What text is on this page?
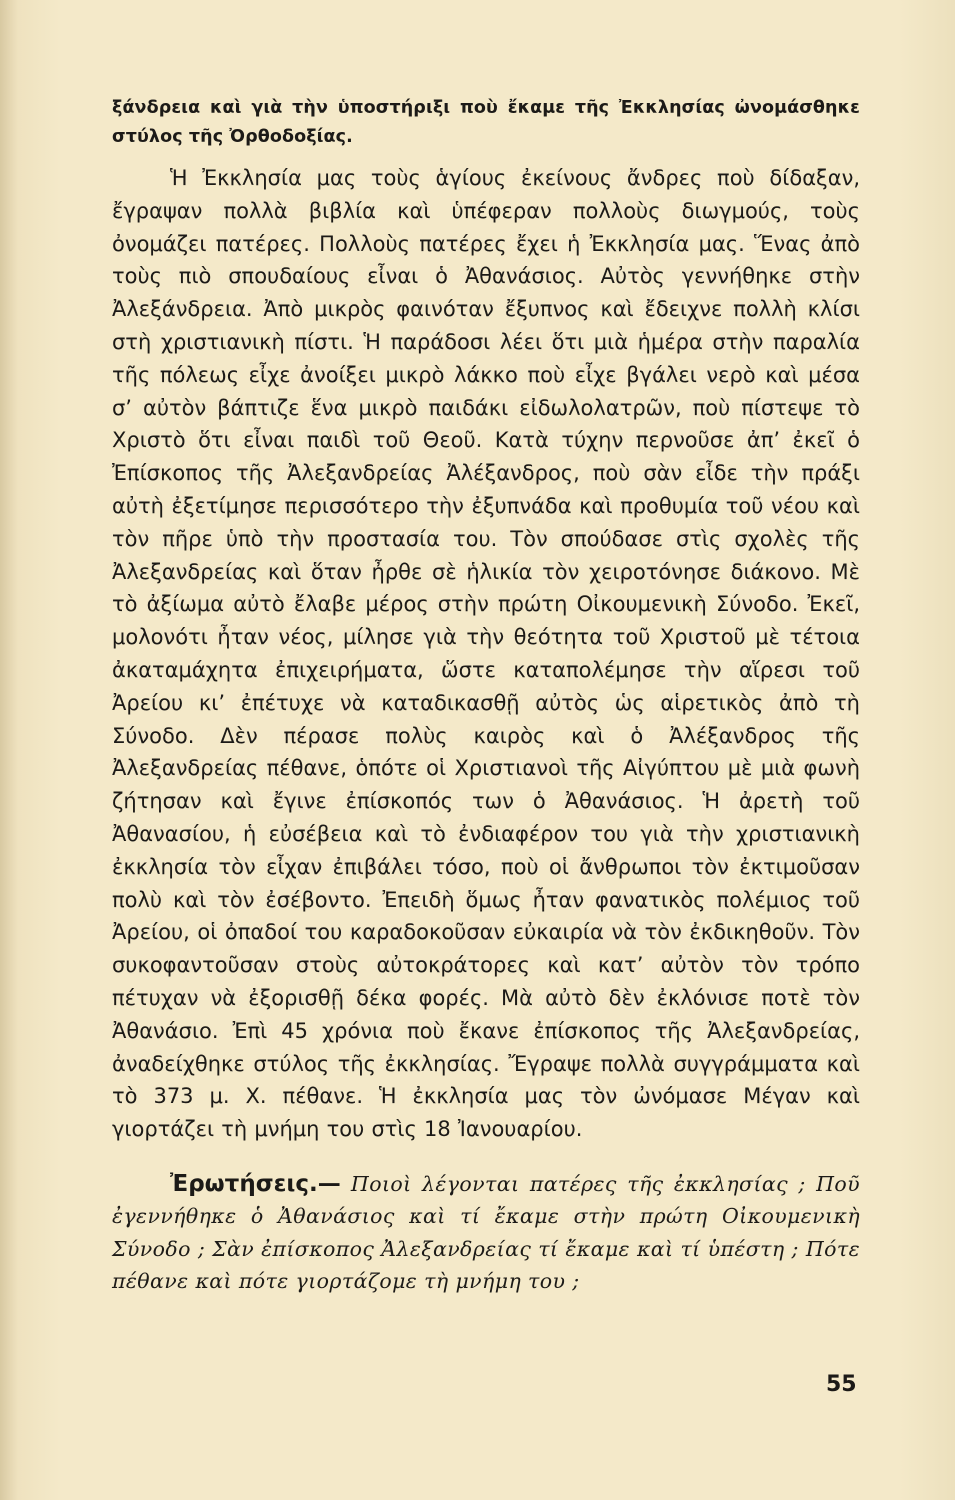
ξάνδρεια καὶ γιὰ τὴν ὑποστήριξι ποὺ ἔκαμε τῆς Ἐκκλησίας ὠνομάσθηκε στύλος τῆς Ὀρθοδοξίας.

Ἡ Ἐκκλησία μας τοὺς ἁγίους ἐκείνους ἄνδρες ποὺ δίδαξαν, ἔγραψαν πολλὰ βιβλία καὶ ὑπέφεραν πολλοὺς διωγμούς, τοὺς ὀνομάζει πατέρες. Πολλοὺς πατέρες ἔχει ἡ Ἐκκλησία μας. Ἕνας ἀπὸ τοὺς πιὸ σπουδαίους εἶναι ὁ Ἀθανάσιος. Αὐτὸς γεννήθηκε στὴν Ἀλεξάνδρεια. Ἀπὸ μικρὸς φαινόταν ἔξυπνος καὶ ἔδειχνε πολλὴ κλίσι στὴ χριστιανικὴ πίστι. Ἡ παράδοσι λέει ὅτι μιὰ ἡμέρα στὴν παραλία τῆς πόλεως εἶχε ἀνοίξει μικρὸ λάκκο ποὺ εἶχε βγάλει νερὸ καὶ μέσα σ’ αὐτὸν βάπτιζε ἕνα μικρὸ παιδάκι εἰδωλολατρῶν, ποὺ πίστεψε τὸ Χριστὸ ὅτι εἶναι παιδὶ τοῦ Θεοῦ. Κατὰ τύχην περνοῦσε ἀπ’ ἐκεῖ ὁ Ἐπίσκοπος τῆς Ἀλεξανδρείας Ἀλέξανδρος, ποὺ σὰν εἶδε τὴν πράξι αὐτὴ ἐξετίμησε περισσότερο τὴν ἐξυπνάδα καὶ προθυμία τοῦ νέου καὶ τὸν πῆρε ὑπὸ τὴν προστασία του. Τὸν σπούδασε στὶς σχολὲς τῆς Ἀλεξανδρείας καὶ ὅταν ἦρθε σὲ ἡλικία τὸν χειροτόνησε διάκονο. Μὲ τὸ ἀξίωμα αὐτὸ ἔλαβε μέρος στὴν πρώτη Οἰκουμενικὴ Σύνοδο. Ἐκεῖ, μολονότι ἦταν νέος, μίλησε γιὰ τὴν θεότητα τοῦ Χριστοῦ μὲ τέτοια ἀκαταμάχητα ἐπιχειρήματα, ὥστε καταπολέμησε τὴν αἵρεσι τοῦ Ἀρείου κι’ ἐπέτυχε νὰ καταδικασθῇ αὐτὸς ὡς αἱρετικὸς ἀπὸ τὴ Σύνοδο. Δὲν πέρασε πολὺς καιρὸς καὶ ὁ Ἀλέξανδρος τῆς Ἀλεξανδρείας πέθανε, ὁπότε οἱ Χριστιανοὶ τῆς Αἰγύπτου μὲ μιὰ φωνὴ ζήτησαν καὶ ἔγινε ἐπίσκοπός των ὁ Ἀθανάσιος. Ἡ ἀρετὴ τοῦ Ἀθανασίου, ἡ εὐσέβεια καὶ τὸ ἐνδιαφέρον του γιὰ τὴν χριστιανικὴ ἐκκλησία τὸν εἶχαν ἐπιβάλει τόσο, ποὺ οἱ ἄνθρωποι τὸν ἐκτιμοῦσαν πολὺ καὶ τὸν ἐσέβοντο. Ἐπειδὴ ὅμως ἦταν φανατικὸς πολέμιος τοῦ Ἀρείου, οἱ ὀπαδοί του καραδοκοῦσαν εὐκαιρία νὰ τὸν ἐκδικηθοῦν. Τὸν συκοφαντοῦσαν στοὺς αὐτοκράτορες καὶ κατ’ αὐτὸν τὸν τρόπο πέτυχαν νὰ ἐξορισθῇ δέκα φορές. Μὰ αὐτὸ δὲν ἐκλόνισε ποτὲ τὸν Ἀθανάσιο. Ἐπὶ 45 χρόνια ποὺ ἔκανε ἐπίσκοπος τῆς Ἀλεξανδρείας, ἀναδείχθηκε στύλος τῆς ἐκκλησίας. Ἔγραψε πολλὰ συγγράμματα καὶ τὸ 373 μ. Χ. πέθανε. Ἡ ἐκκλησία μας τὸν ὠνόμασε Μέγαν καὶ γιορτάζει τὴ μνήμη του στὶς 18 Ἰανουαρίου.

Ἐρωτήσεις.— Ποιοὶ λέγονται πατέρες τῆς ἐκκλησίας ; Ποῦ ἐγεννήθηκε ὁ Ἀθανάσιος καὶ τί ἔκαμε στὴν πρώτη Οἰκουμενικὴ Σύνοδο ; Σὰν ἐπίσκοπος Ἀλεξανδρείας τί ἔκαμε καὶ τί ὑπέστη ; Πότε πέθανε καὶ πότε γιορτάζομε τὴ μνήμη του ;

55
